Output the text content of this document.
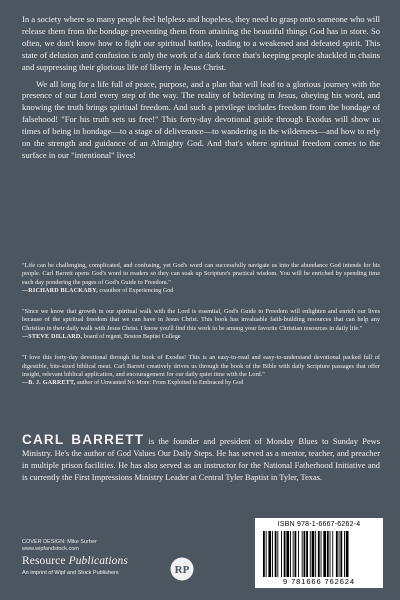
In a society where so many people feel helpless and hopeless, they need to grasp onto someone who will release them from the bondage preventing them from attaining the beautiful things God has in store. So often, we don't know how to fight our spiritual battles, leading to a weakened and defeated spirit. This state of delusion and confusion is only the work of a dark force that's keeping people shackled in chains and suppressing their glorious life of liberty in Jesus Christ.

We all long for a life full of peace, purpose, and a plan that will lead to a glorious journey with the presence of our Lord every step of the way. The reality of believing in Jesus, obeying his word, and knowing the truth brings spiritual freedom. And such a privilege includes freedom from the bondage of falsehood! "For his truth sets us free!" This forty-day devotional guide through Exodus will show us times of being in bondage—to a stage of deliverance—to wandering in the wilderness—and how to rely on the strength and guidance of an Almighty God. And that's where spiritual freedom comes to the surface in our "intentional" lives!

"Life can be challenging, complicated, and confusing, yet God's word can successfully navigate us into the abundance God intends for his people. Carl Barrett opens God's word to readers so they can soak up Scripture's practical wisdom. You will be enriched by spending time each day pondering the pages of God's Guide to Freedom."

—RICHARD BLACKABY, coauthor of Experiencing God

"Since we know that growth in our spiritual walk with the Lord is essential, God's Guide to Freedom will enlighten and enrich our lives because of the spiritual freedom that we can have in Jesus Christ. This book has invaluable faith-building resources that can help any Christian in their daily walk with Jesus Christ. I know you'll find this work to be among your favorite Christian resources in daily life."

—STEVE DILLARD, board of regent, Boston Baptist College

"I love this forty-day devotional through the book of Exodus! This is an easy-to-read and easy-to-understand devotional packed full of digestible, bite-sized biblical meat. Carl Barrett creatively drives us through the book of the Bible with daily Scripture passages that offer insight, relevant biblical application, and encouragement for our daily quiet time with the Lord."

—B. J. GARRETT, author of Unwanted No More: From Exploited to Embraced by God

CARL BARRETT is the founder and president of Monday Blues to Sunday Pews Ministry. He's the author of God Values Our Daily Steps. He has served as a mentor, teacher, and preacher in multiple prison facilities. He has also served as an instructor for the National Fatherhood Initiative and is currently the First Impressions Ministry Leader at Central Tyler Baptist in Tyler, Texas.
COVER DESIGN: Mike Surber
www.wipfandstock.com
Resource Publications
An imprint of Wipf and Stock Publishers	RP
ISBN 978-1-6667-6262-4
9 781666 762624
